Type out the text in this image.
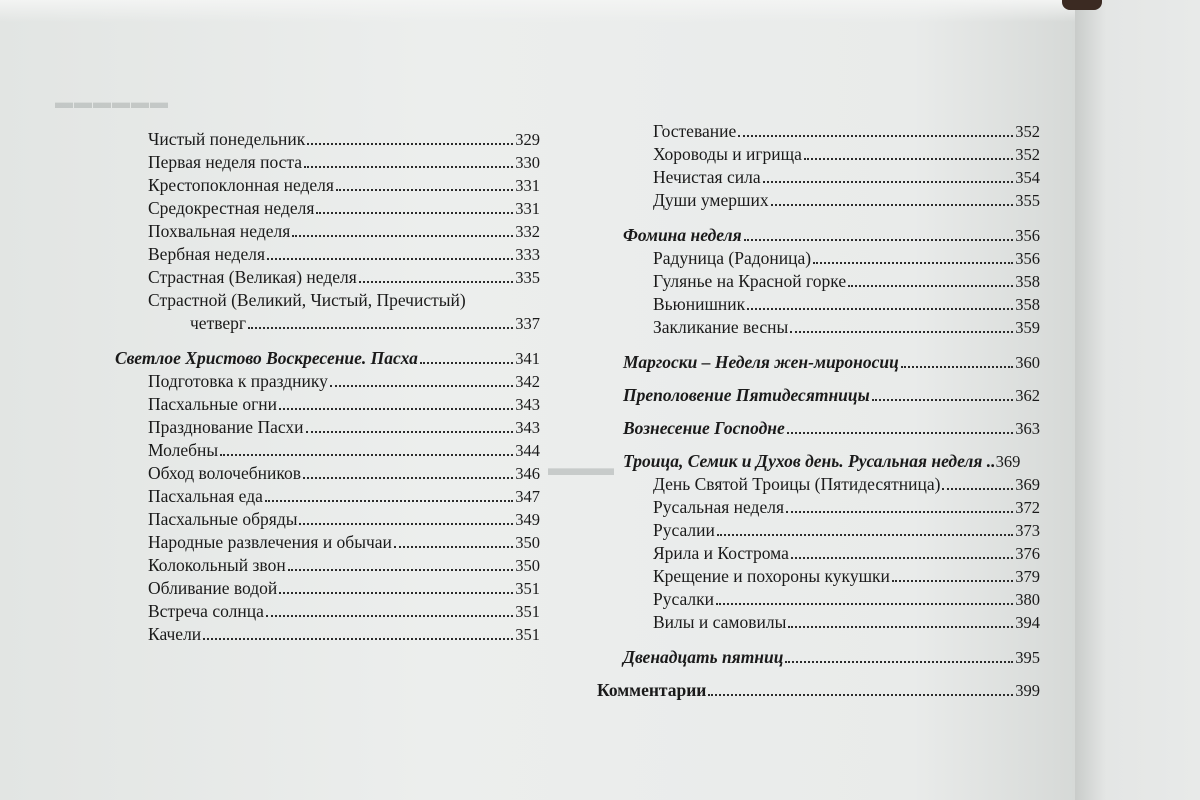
▬▬▬▬▬▬
▬▬▬
Чистый понедельник	329
Первая неделя поста	330
Крестопоклонная неделя	331
Средокрестная неделя	331
Похвальная неделя	332
Вербная неделя	333
Страстная (Великая) неделя	335
Страстной (Великий, Чистый, Пречистый)
четверг	337
Светлое Христово Воскресение. Пасха	341
Подготовка к празднику	342
Пасхальные огни	343
Празднование Пасхи	343
Молебны	344
Обход волочебников	346
Пасхальная еда	347
Пасхальные обряды	349
Народные развлечения и обычаи	350
Колокольный звон	350
Обливание водой	351
Встреча солнца	351
Качели	351
Гостевание	352
Хороводы и игрища	352
Нечистая сила	354
Души умерших	355
Фомина неделя	356
Радуница (Радоница)	356
Гулянье на Красной горке	358
Вьюнишник	358
Закликание весны	359
Маргоски – Неделя жен-мироносиц	360
Преполовение Пятидесятницы	362
Вознесение Господне	363
Троица, Семик и Духов день. Русальная неделя .. 369
День Святой Троицы (Пятидесятница)	369
Русальная неделя	372
Русалии	373
Ярила и Кострома	376
Крещение и похороны кукушки	379
Русалки	380
Вилы и самовилы	394
Двенадцать пятниц	395
Комментарии	399
